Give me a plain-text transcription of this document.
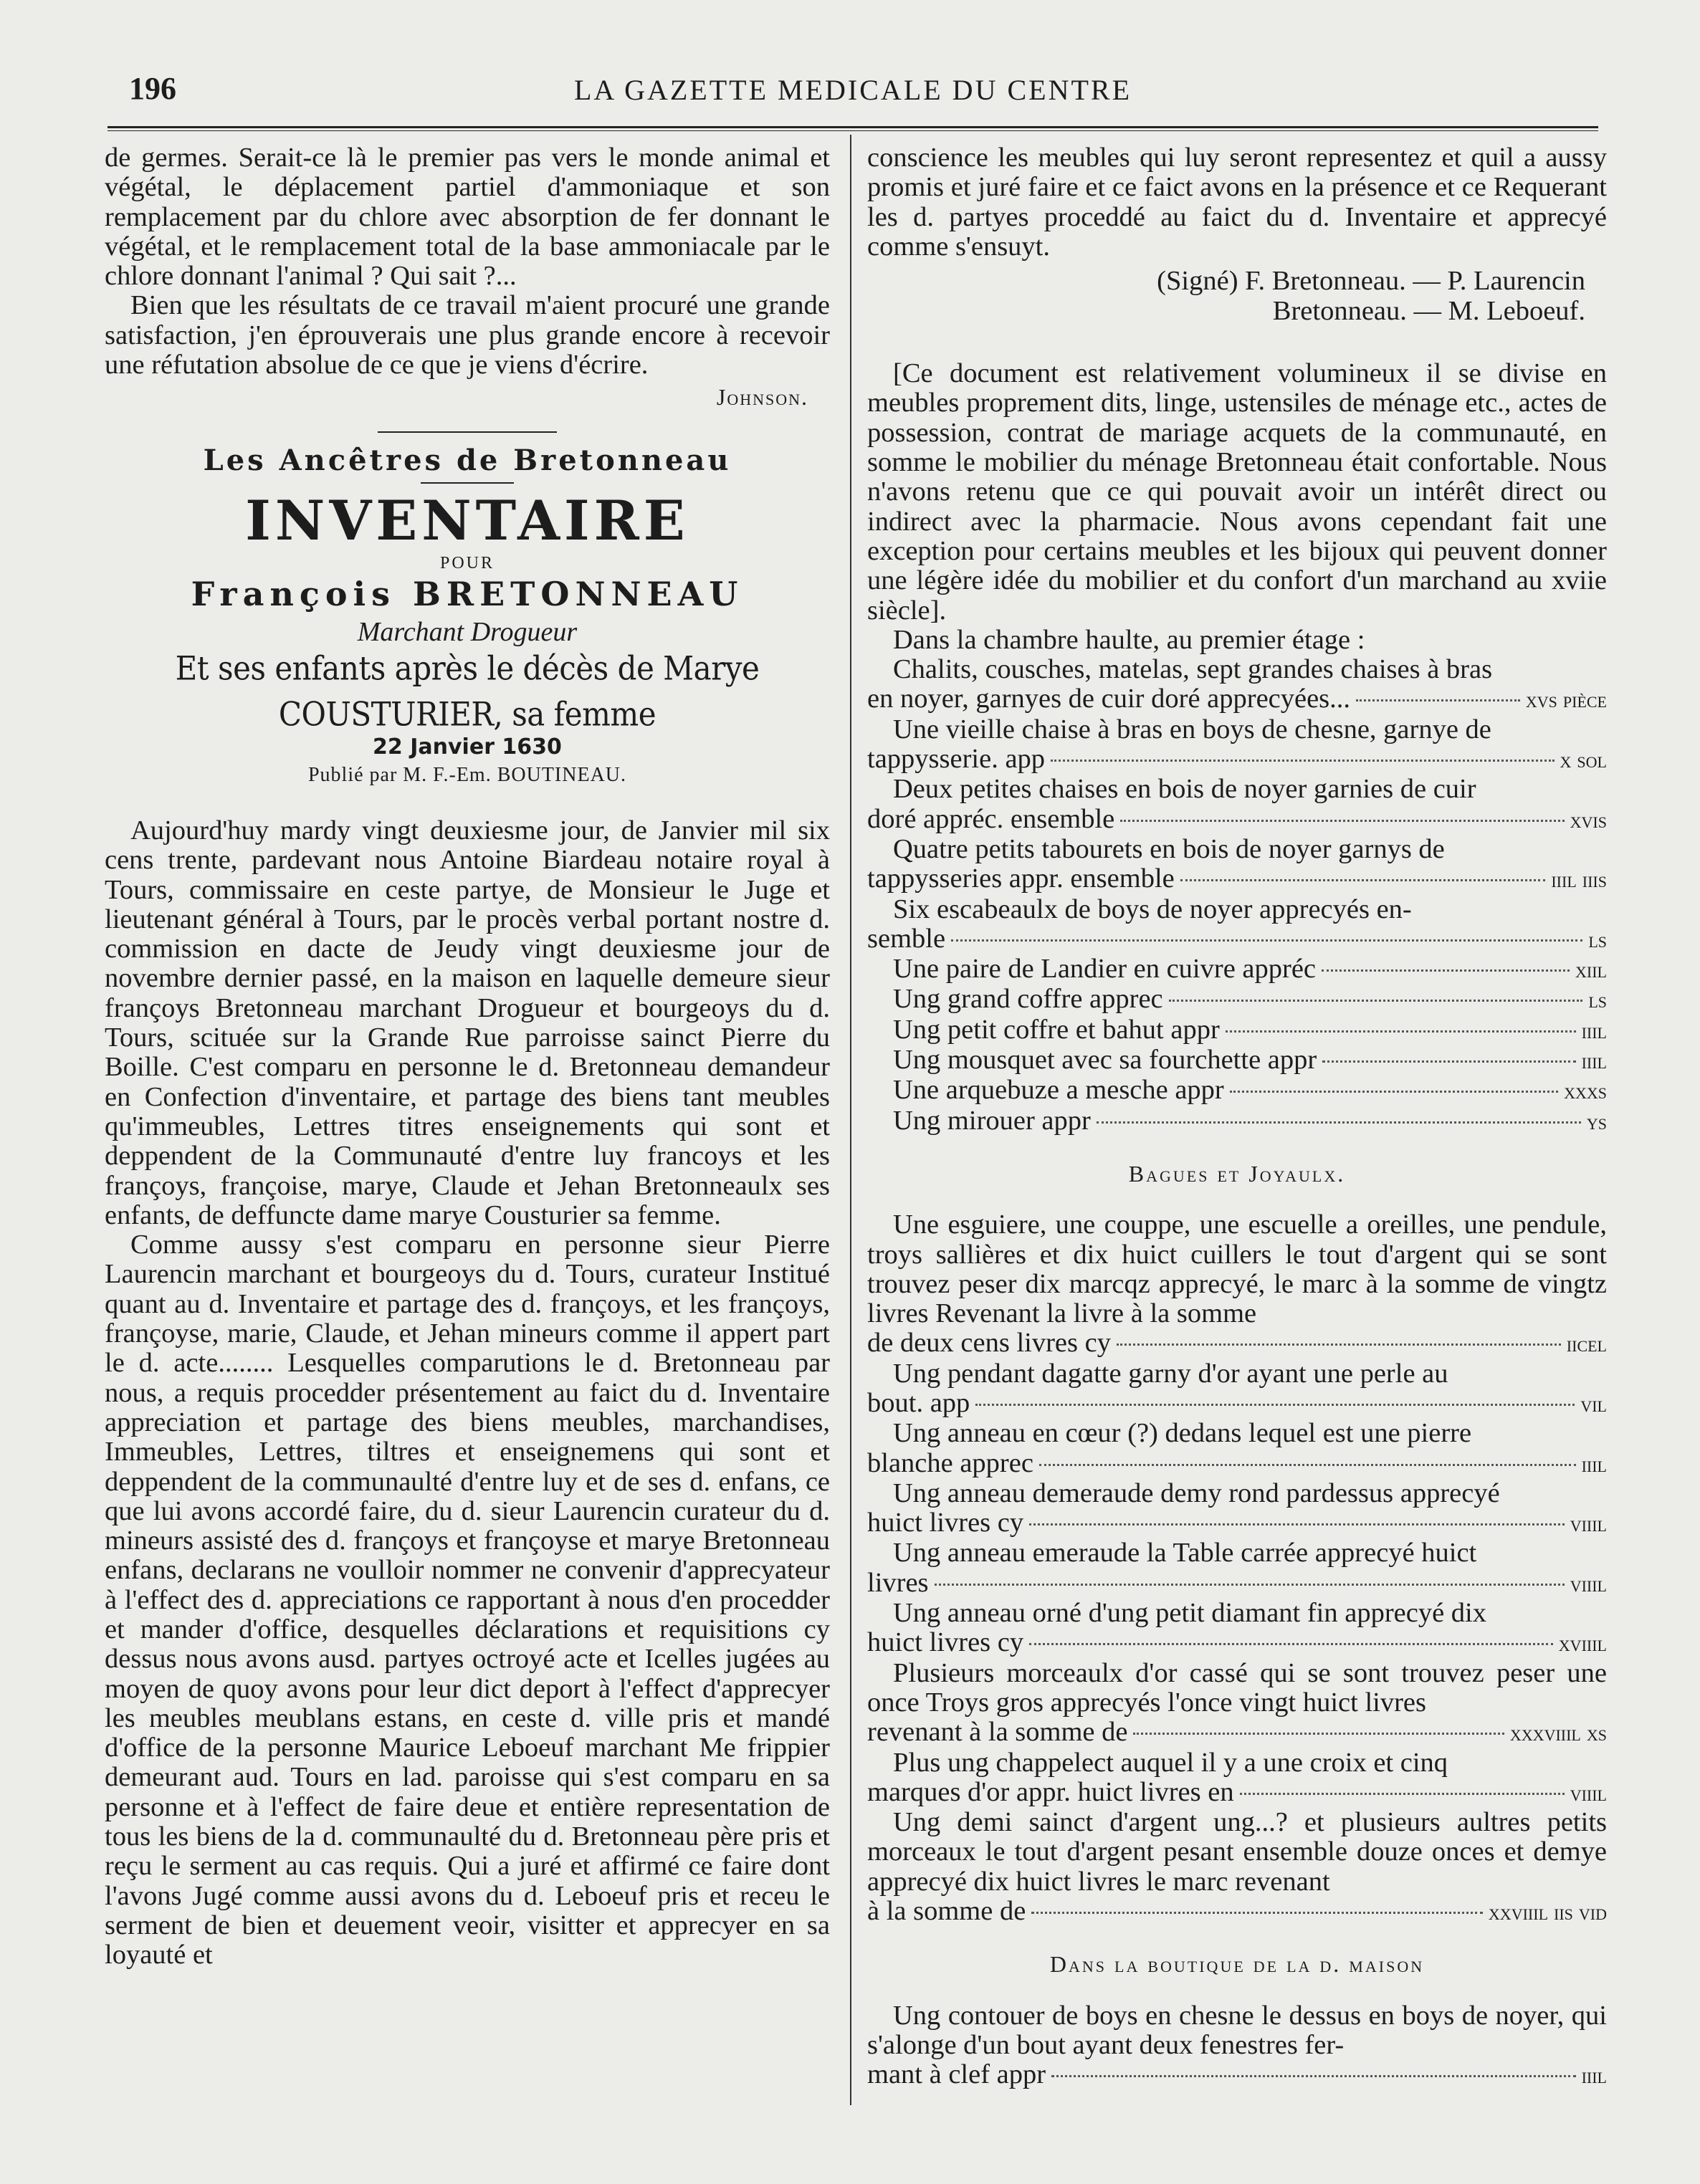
196	LA GAZETTE MEDICALE DU CENTRE

de germes. Serait-ce là le premier pas vers le monde animal et végétal, le déplacement partiel d'ammoniaque et son remplacement par du chlore avec absorption de fer donnant le végétal, et le remplacement total de la base ammoniacale par le chlore donnant l'animal ? Qui sait ?...

Bien que les résultats de ce travail m'aient procuré une grande satisfaction, j'en éprouverais une plus grande encore à recevoir une réfutation absolue de ce que je viens d'écrire.

Johnson.
Les Ancêtres de Bretonneau
INVENTAIRE
POUR
François BRETONNEAU
Marchant Drogueur
Et ses enfants après le décès de Marye COUSTURIER, sa femme
22 Janvier 1630
Publié par M. F.-Em. BOUTINEAU.

Aujourd'huy mardy vingt deuxiesme jour, de Janvier mil six cens trente, pardevant nous Antoine Biardeau notaire royal à Tours, commissaire en ceste partye, de Monsieur le Juge et lieutenant général à Tours, par le procès verbal portant nostre d. commission en dacte de Jeudy vingt deuxiesme jour de novembre dernier passé, en la maison en laquelle demeure sieur françoys Bretonneau marchant Drogueur et bourgeoys du d. Tours, scituée sur la Grande Rue parroisse sainct Pierre du Boille. C'est comparu en personne le d. Bretonneau demandeur en Confection d'inventaire, et partage des biens tant meubles qu'immeubles, Lettres titres enseignements qui sont et deppendent de la Communauté d'entre luy francoys et les françoys, françoise, marye, Claude et Jehan Bretonneaulx ses enfants, de deffuncte dame marye Cousturier sa femme.

Comme aussy s'est comparu en personne sieur Pierre Laurencin marchant et bourgeoys du d. Tours, curateur Institué quant au d. Inventaire et partage des d. françoys, et les françoys, françoyse, marie, Claude, et Jehan mineurs comme il appert part le d. acte........ Lesquelles comparutions le d. Bretonneau par nous, a requis procedder présentement au faict du d. Inventaire appreciation et partage des biens meubles, marchandises, Immeubles, Lettres, tiltres et enseignemens qui sont et deppendent de la communaulté d'entre luy et de ses d. enfans, ce que lui avons accordé faire, du d. sieur Laurencin curateur du d. mineurs assisté des d. françoys et françoyse et marye Bretonneau enfans, declarans ne voulloir nommer ne convenir d'apprecyateur à l'effect des d. appreciations ce rapportant à nous d'en procedder et mander d'office, desquelles déclarations et requisitions cy dessus nous avons ausd. partyes octroyé acte et Icelles jugées au moyen de quoy avons pour leur dict deport à l'effect d'apprecyer les meubles meublans estans, en ceste d. ville pris et mandé d'office de la personne Maurice Leboeuf marchant Me frippier demeurant aud. Tours en lad. paroisse qui s'est comparu en sa personne et à l'effect de faire deue et entière representation de tous les biens de la d. communaulté du d. Bretonneau père pris et reçu le serment au cas requis. Qui a juré et affirmé ce faire dont l'avons Jugé comme aussi avons du d. Leboeuf pris et receu le serment de bien et deuement veoir, visitter et apprecyer en sa loyauté et

conscience les meubles qui luy seront representez et quil a aussy promis et juré faire et ce faict avons en la présence et ce Requerant les d. partyes proceddé au faict du d. Inventaire et apprecyé comme s'ensuyt.

(Signé) F. Bretonneau. — P. Laurencin
Bretonneau. — M. Leboeuf.

[Ce document est relativement volumineux il se divise en meubles proprement dits, linge, ustensiles de ménage etc., actes de possession, contrat de mariage acquets de la communauté, en somme le mobilier du ménage Bretonneau était confortable. Nous n'avons retenu que ce qui pouvait avoir un intérêt direct ou indirect avec la pharmacie. Nous avons cependant fait une exception pour certains meubles et les bijoux qui peuvent donner une légère idée du mobilier et du confort d'un marchand au xviie siècle].

Dans la chambre haulte, au premier étage :

Chalits, cousches, matelas, sept grandes chaises à bras

en noyer, garnyes de cuir doré apprecyées...	xvs pièce

Une vieille chaise à bras en boys de chesne, garnye de

tappysserie. app	x sol

Deux petites chaises en bois de noyer garnies de cuir

doré appréc. ensemble	xvis

Quatre petits tabourets en bois de noyer garnys de

tappysseries appr. ensemble	iiil iiis

Six escabeaulx de boys de noyer apprecyés en-

semble	ls
Une paire de Landier en cuivre appréc	xiil
Ung grand coffre apprec	ls
Ung petit coffre et bahut appr	iiil
Ung mousquet avec sa fourchette appr	iiil
Une arquebuze a mesche appr	xxxs
Ung mirouer appr	ys
Bagues et Joyaulx.

Une esguiere, une couppe, une escuelle a oreilles, une pendule, troys sallières et dix huict cuillers le tout d'argent qui se sont trouvez peser dix marcqz apprecyé, le marc à la somme de vingtz livres Revenant la livre à la somme

de deux cens livres cy	iicel

Ung pendant dagatte garny d'or ayant une perle au

bout. app	vil

Ung anneau en cœur (?) dedans lequel est une pierre

blanche apprec	iiil

Ung anneau demeraude demy rond pardessus apprecyé

huict livres cy	viiil

Ung anneau emeraude la Table carrée apprecyé huict

livres	viiil

Ung anneau orné d'ung petit diamant fin apprecyé dix

huict livres cy	xviiil

Plusieurs morceaulx d'or cassé qui se sont trouvez peser une once Troys gros apprecyés l'once vingt huict livres

revenant à la somme de	xxxviiil xs

Plus ung chappelect auquel il y a une croix et cinq

marques d'or appr. huict livres en	viiil

Ung demi sainct d'argent ung...? et plusieurs aultres petits morceaux le tout d'argent pesant ensemble douze onces et demye apprecyé dix huict livres le marc revenant

à la somme de	xxviiil iis vid
Dans la boutique de la d. maison

Ung contouer de boys en chesne le dessus en boys de noyer, qui s'alonge d'un bout ayant deux fenestres fer-

mant à clef appr	iiil
